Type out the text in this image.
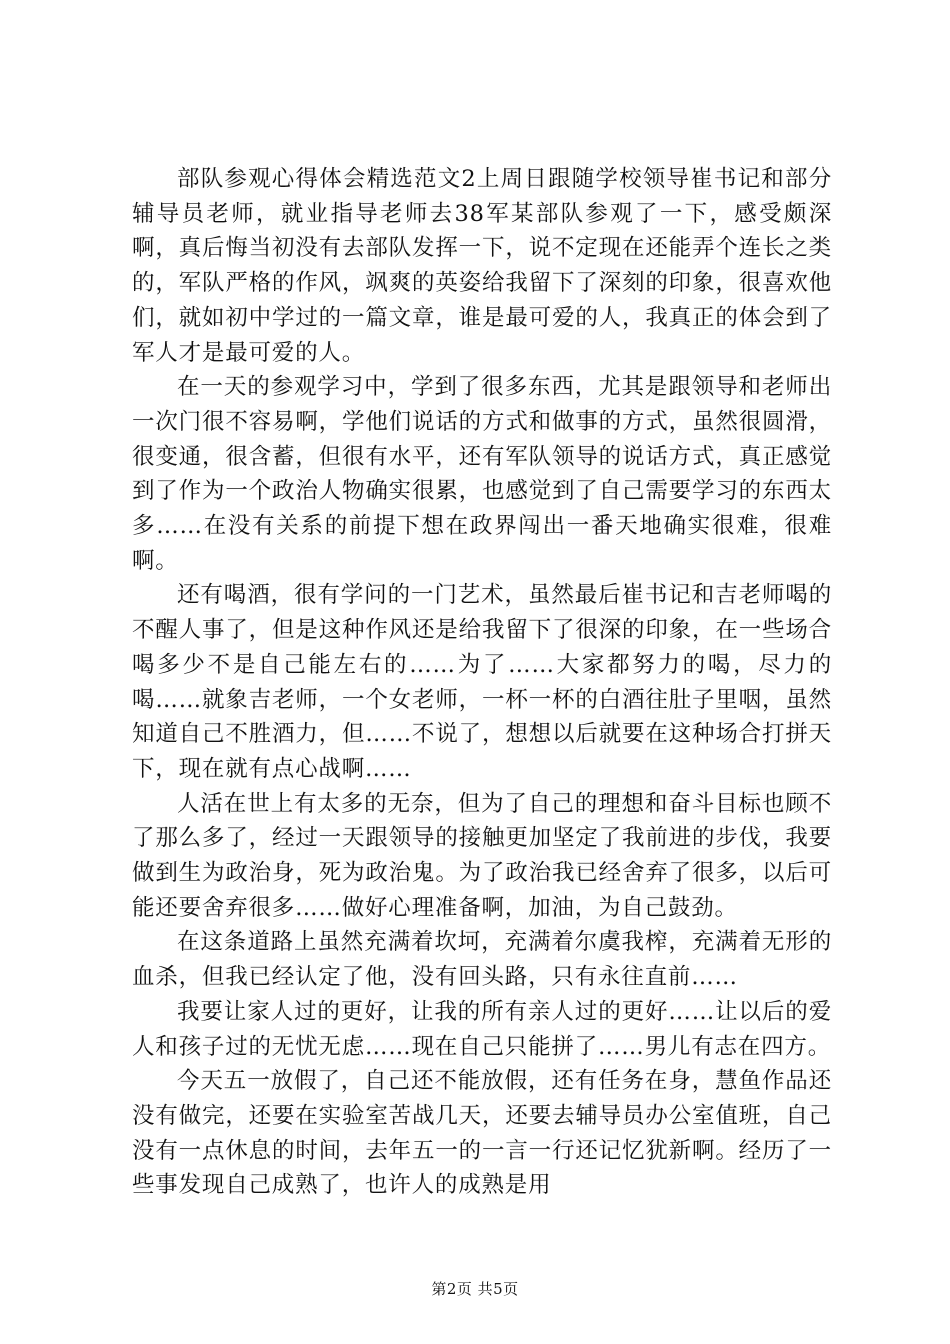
部队参观心得体会精选范文2上周日跟随学校领导崔书记和部分辅导员老师，就业指导老师去38军某部队参观了一下，感受颇深啊，真后悔当初没有去部队发挥一下，说不定现在还能弄个连长之类的，军队严格的作风，飒爽的英姿给我留下了深刻的印象，很喜欢他们，就如初中学过的一篇文章，谁是最可爱的人，我真正的体会到了军人才是最可爱的人。

在一天的参观学习中，学到了很多东西，尤其是跟领导和老师出一次门很不容易啊，学他们说话的方式和做事的方式，虽然很圆滑，很变通，很含蓄，但很有水平，还有军队领导的说话方式，真正感觉到了作为一个政治人物确实很累，也感觉到了自己需要学习的东西太多……在没有关系的前提下想在政界闯出一番天地确实很难，很难啊。

还有喝酒，很有学问的一门艺术，虽然最后崔书记和吉老师喝的不醒人事了，但是这种作风还是给我留下了很深的印象，在一些场合喝多少不是自己能左右的……为了……大家都努力的喝，尽力的喝……就象吉老师，一个女老师，一杯一杯的白酒往肚子里咽，虽然知道自己不胜酒力，但……不说了，想想以后就要在这种场合打拼天下，现在就有点心战啊……

人活在世上有太多的无奈，但为了自己的理想和奋斗目标也顾不了那么多了，经过一天跟领导的接触更加坚定了我前进的步伐，我要做到生为政治身，死为政治鬼。为了政治我已经舍弃了很多，以后可能还要舍弃很多……做好心理准备啊，加油，为自己鼓劲。

在这条道路上虽然充满着坎坷，充满着尔虞我榨，充满着无形的血杀，但我已经认定了他，没有回头路，只有永往直前……

我要让家人过的更好，让我的所有亲人过的更好……让以后的爱人和孩子过的无忧无虑……现在自己只能拼了……男儿有志在四方。

今天五一放假了，自己还不能放假，还有任务在身，慧鱼作品还没有做完，还要在实验室苦战几天，还要去辅导员办公室值班，自己没有一点休息的时间，去年五一的一言一行还记忆犹新啊。经历了一些事发现自己成熟了，也许人的成熟是用

第2页 共5页
